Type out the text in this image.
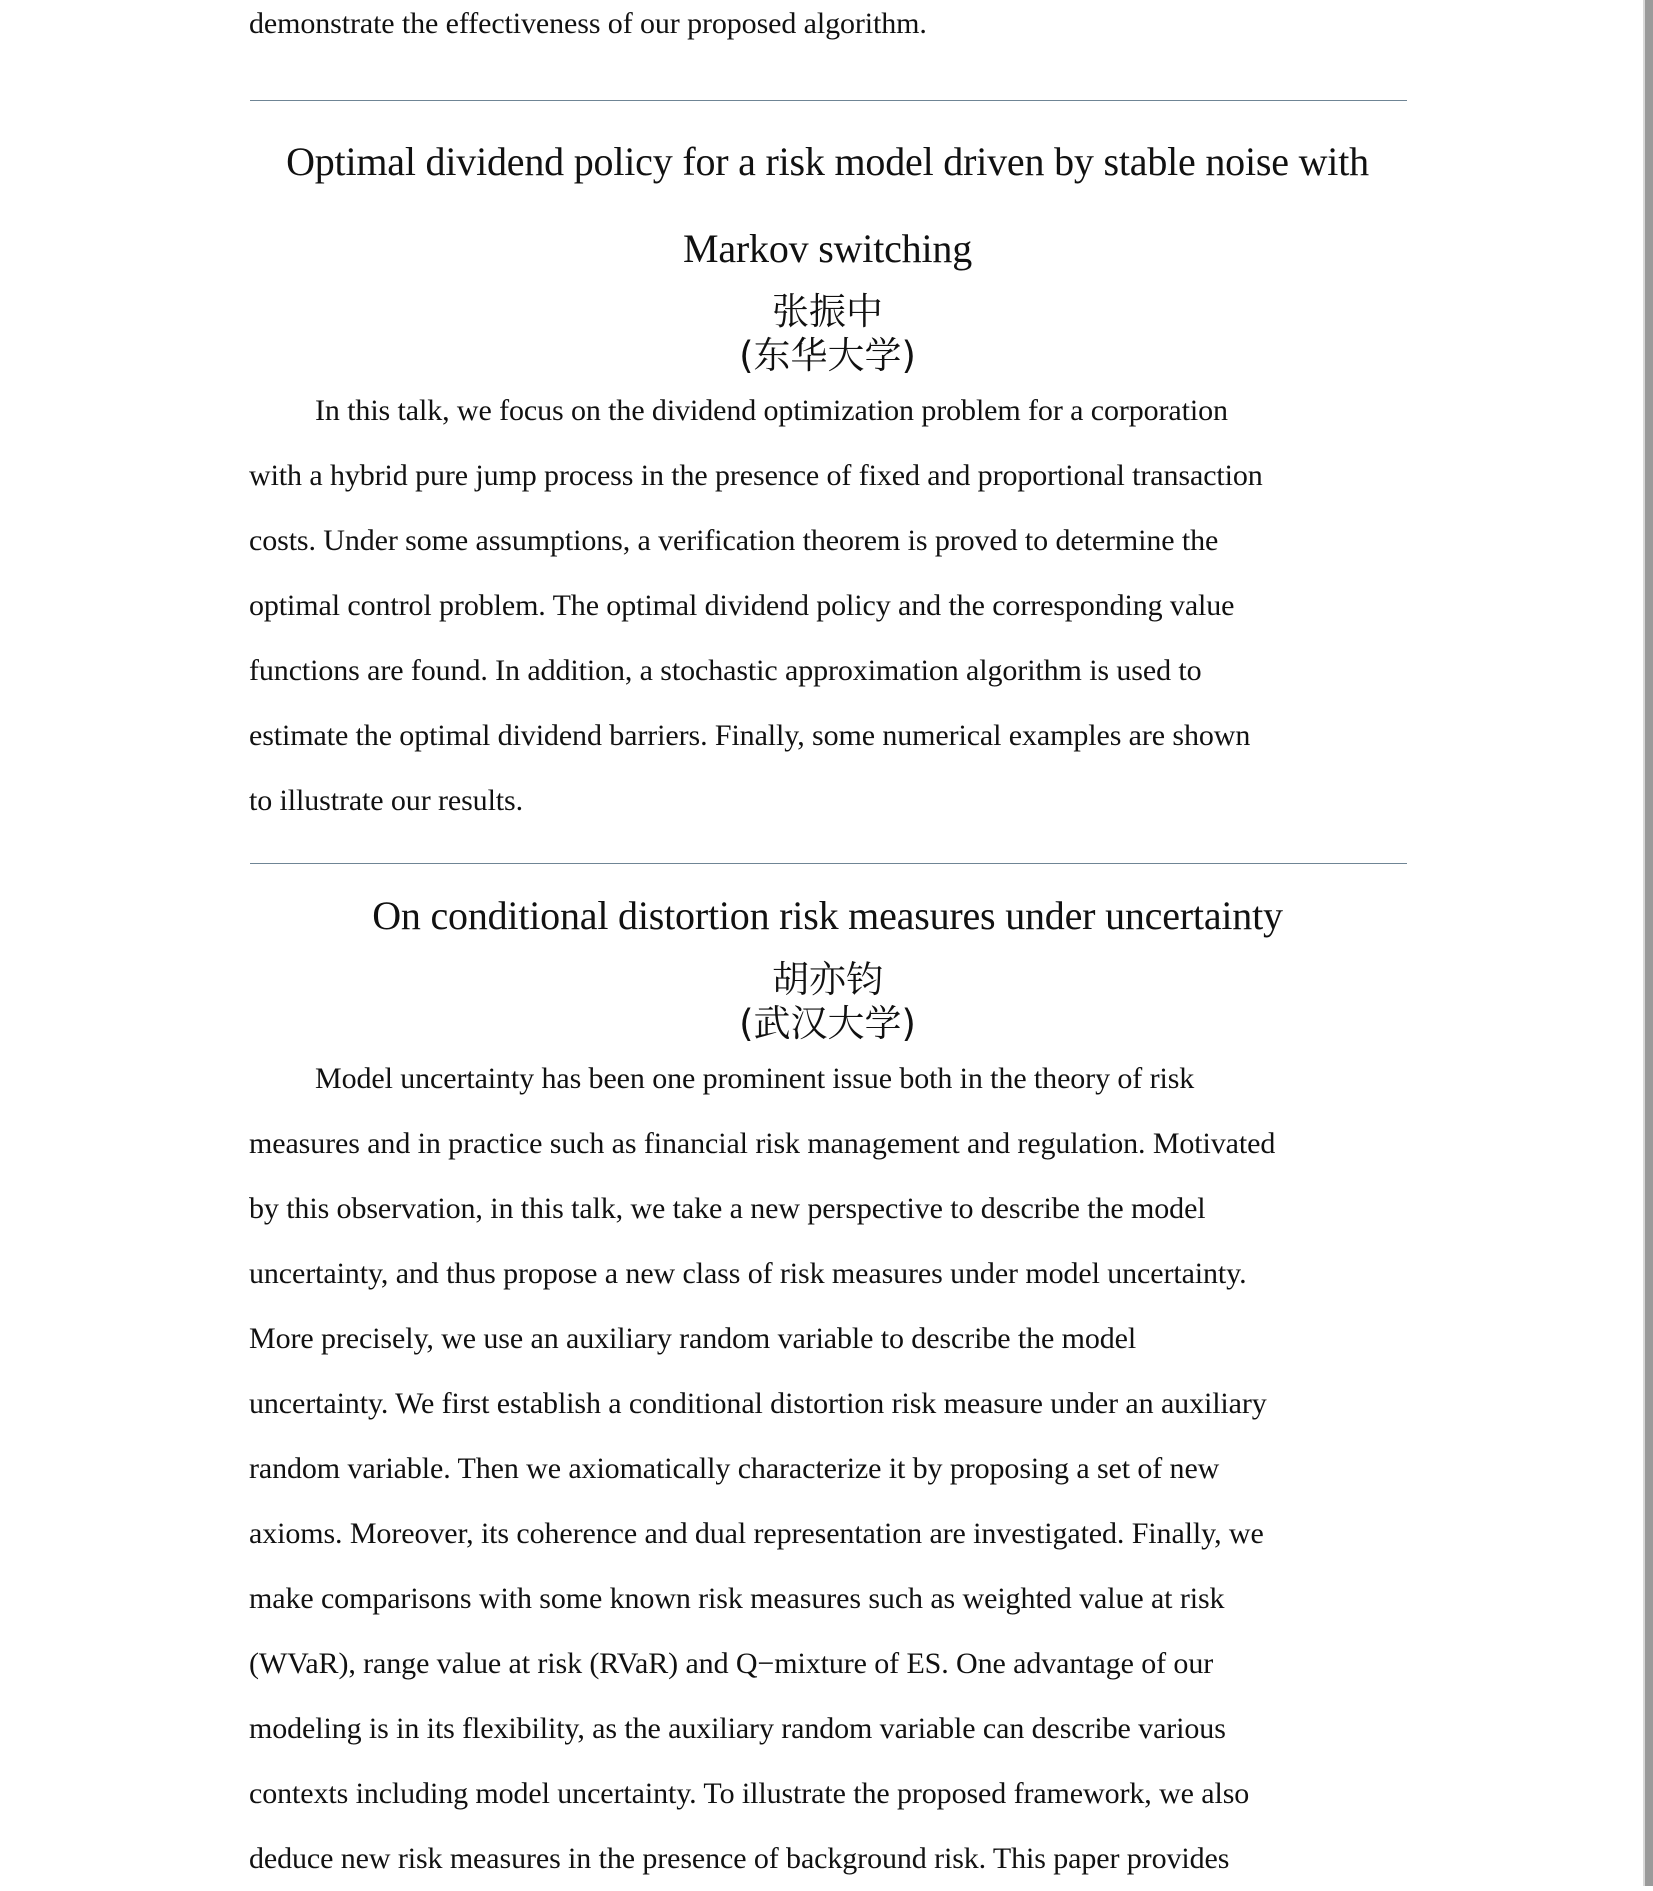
demonstrate the effectiveness of our proposed algorithm.
Optimal dividend policy for a risk model driven by stable noise with
Markov switching
张振中
(东华大学)
In this talk, we focus on the dividend optimization problem for a corporation
with a hybrid pure jump process in the presence of fixed and proportional transaction
costs. Under some assumptions, a verification theorem is proved to determine the
optimal control problem. The optimal dividend policy and the corresponding value
functions are found. In addition, a stochastic approximation algorithm is used to
estimate the optimal dividend barriers. Finally, some numerical examples are shown
to illustrate our results.
On conditional distortion risk measures under uncertainty
胡亦钧
(武汉大学)
Model uncertainty has been one prominent issue both in the theory of risk
measures and in practice such as financial risk management and regulation. Motivated
by this observation, in this talk, we take a new perspective to describe the model
uncertainty, and thus propose a new class of risk measures under model uncertainty.
More precisely, we use an auxiliary random variable to describe the model
uncertainty. We first establish a conditional distortion risk measure under an auxiliary
random variable. Then we axiomatically characterize it by proposing a set of new
axioms. Moreover, its coherence and dual representation are investigated. Finally, we
make comparisons with some known risk measures such as weighted value at risk
(WVaR), range value at risk (RVaR) and Q−mixture of ES. One advantage of our
modeling is in its flexibility, as the auxiliary random variable can describe various
contexts including model uncertainty. To illustrate the proposed framework, we also
deduce new risk measures in the presence of background risk. This paper provides
